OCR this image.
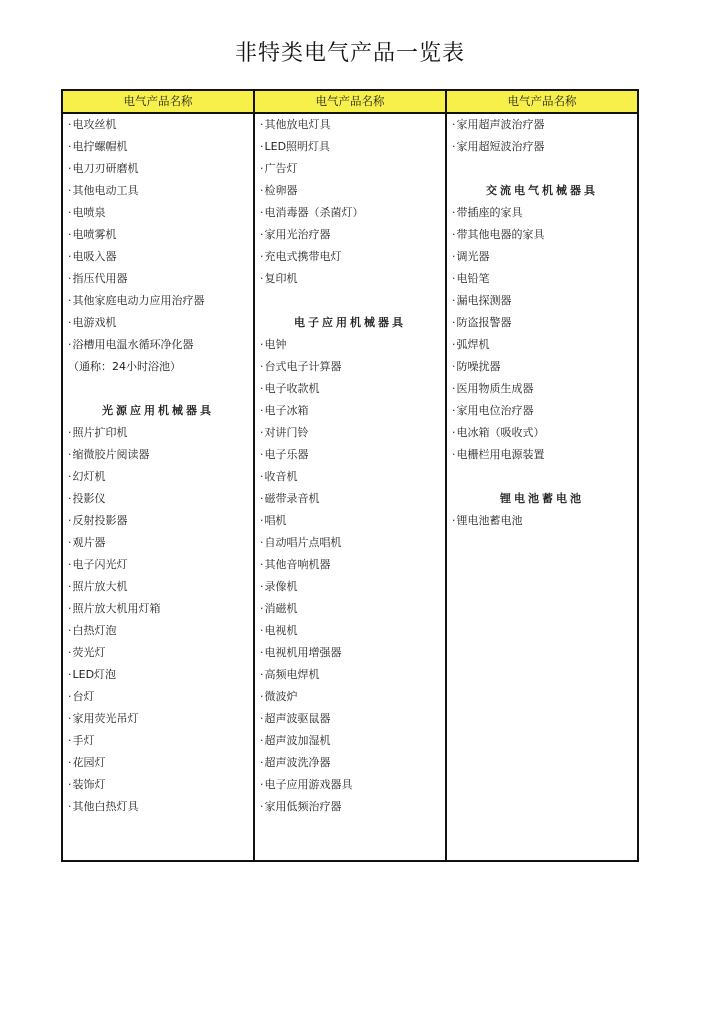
非特类电气产品一览表
电气产品名称
· 电攻丝机
· 电拧螺帽机
· 电刀刃研磨机
· 其他电动工具
· 电喷泉
· 电喷雾机
· 电吸入器
· 指压代用器
· 其他家庭电动力应用治疗器
· 电游戏机
· 浴槽用电温水循环净化器
（通称：24小时浴池）
光源应用机械器具
· 照片扩印机
· 缩微胶片阅读器
· 幻灯机
· 投影仪
· 反射投影器
· 观片器
· 电子闪光灯
· 照片放大机
· 照片放大机用灯箱
· 白热灯泡
· 荧光灯
· LED灯泡
· 台灯
· 家用荧光吊灯
· 手灯
· 花园灯
· 装饰灯
· 其他白热灯具
电气产品名称
· 其他放电灯具
· LED照明灯具
· 广告灯
· 检卵器
· 电消毒器（杀菌灯）
· 家用光治疗器
· 充电式携带电灯
· 复印机
电子应用机械器具
· 电钟
· 台式电子计算器
· 电子收款机
· 电子冰箱
· 对讲门铃
· 电子乐器
· 收音机
· 磁带录音机
· 唱机
· 自动唱片点唱机
· 其他音响机器
· 录像机
· 消磁机
· 电视机
· 电视机用增强器
· 高频电焊机
· 微波炉
· 超声波驱鼠器
· 超声波加湿机
· 超声波洗净器
· 电子应用游戏器具
· 家用低频治疗器
电气产品名称
· 家用超声波治疗器
· 家用超短波治疗器
交流电气机械器具
· 带插座的家具
· 带其他电器的家具
· 调光器
· 电铅笔
· 漏电探测器
· 防盗报警器
· 弧焊机
· 防噪扰器
· 医用物质生成器
· 家用电位治疗器
· 电冰箱（吸收式）
· 电栅栏用电源装置
锂电池蓄电池
· 锂电池蓄电池
